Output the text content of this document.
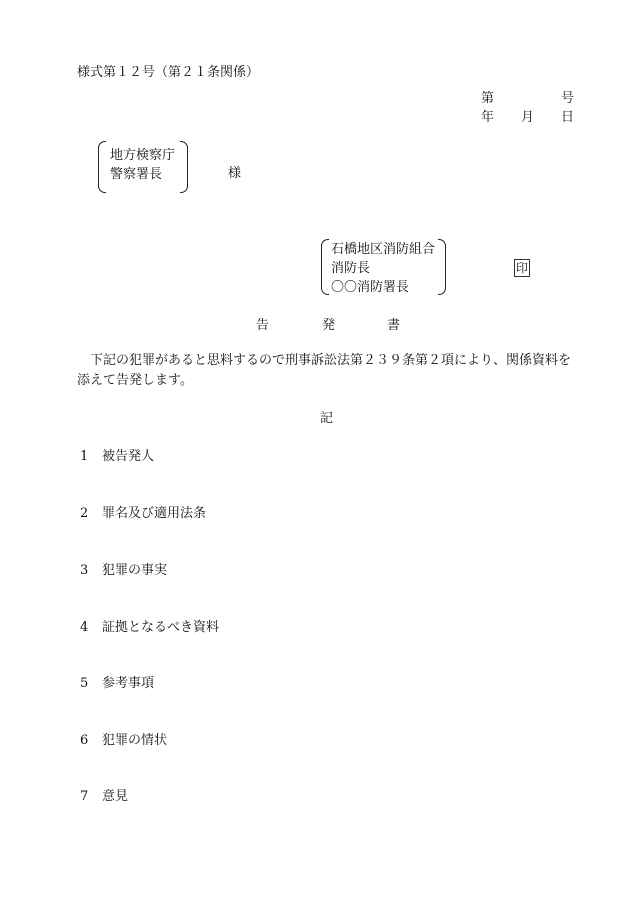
様式第１２号（第２１条関係）
第	号
年 月 日
地方検察庁
警察署長	様
石橋地区消防組合
消防長
〇〇消防署長
印
告	発	書
下記の犯罪があると思料するので刑事訴訟法第２３９条第２項により、関係資料を添えて告発します。
記
1 被告発人
2 罪名及び適用法条
3 犯罪の事実
4 証拠となるべき資料
5 参考事項
6 犯罪の情状
7 意見
